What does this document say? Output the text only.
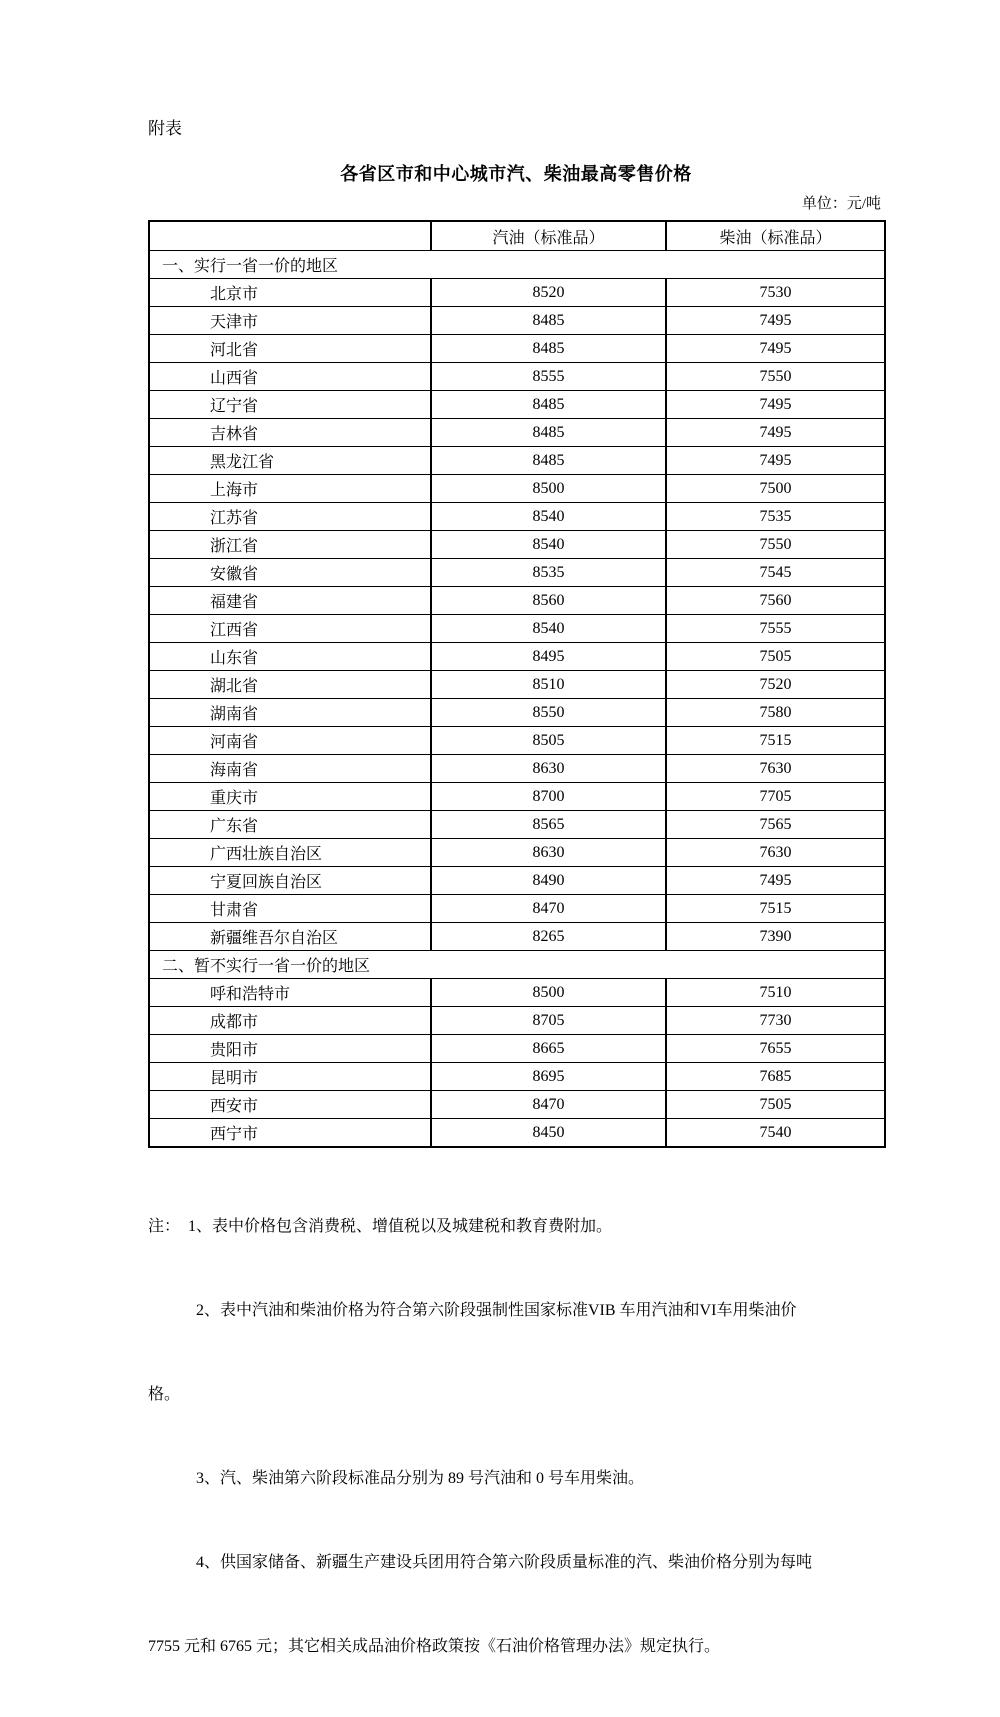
附表
各省区市和中心城市汽、柴油最高零售价格
单位：元/吨
	汽油（标准品）	柴油（标准品）
一、实行一省一价的地区		
北京市	8520	7530
天津市	8485	7495
河北省	8485	7495
山西省	8555	7550
辽宁省	8485	7495
吉林省	8485	7495
黑龙江省	8485	7495
上海市	8500	7500
江苏省	8540	7535
浙江省	8540	7550
安徽省	8535	7545
福建省	8560	7560
江西省	8540	7555
山东省	8495	7505
湖北省	8510	7520
湖南省	8550	7580
河南省	8505	7515
海南省	8630	7630
重庆市	8700	7705
广东省	8565	7565
广西壮族自治区	8630	7630
宁夏回族自治区	8490	7495
甘肃省	8470	7515
新疆维吾尔自治区	8265	7390
二、暂不实行一省一价的地区		
呼和浩特市	8500	7510
成都市	8705	7730
贵阳市	8665	7655
昆明市	8695	7685
西安市	8470	7505
西宁市	8450	7540

注：　1、表中价格包含消费税、增值税以及城建税和教育费附加。

　　　2、表中汽油和柴油价格为符合第六阶段强制性国家标准VIB 车用汽油和VI车用柴油价

格。

　　　3、汽、柴油第六阶段标准品分别为 89 号汽油和 0 号车用柴油。

　　　4、供国家储备、新疆生产建设兵团用符合第六阶段质量标准的汽、柴油价格分别为每吨

7755 元和 6765 元；其它相关成品油价格政策按《石油价格管理办法》规定执行。
